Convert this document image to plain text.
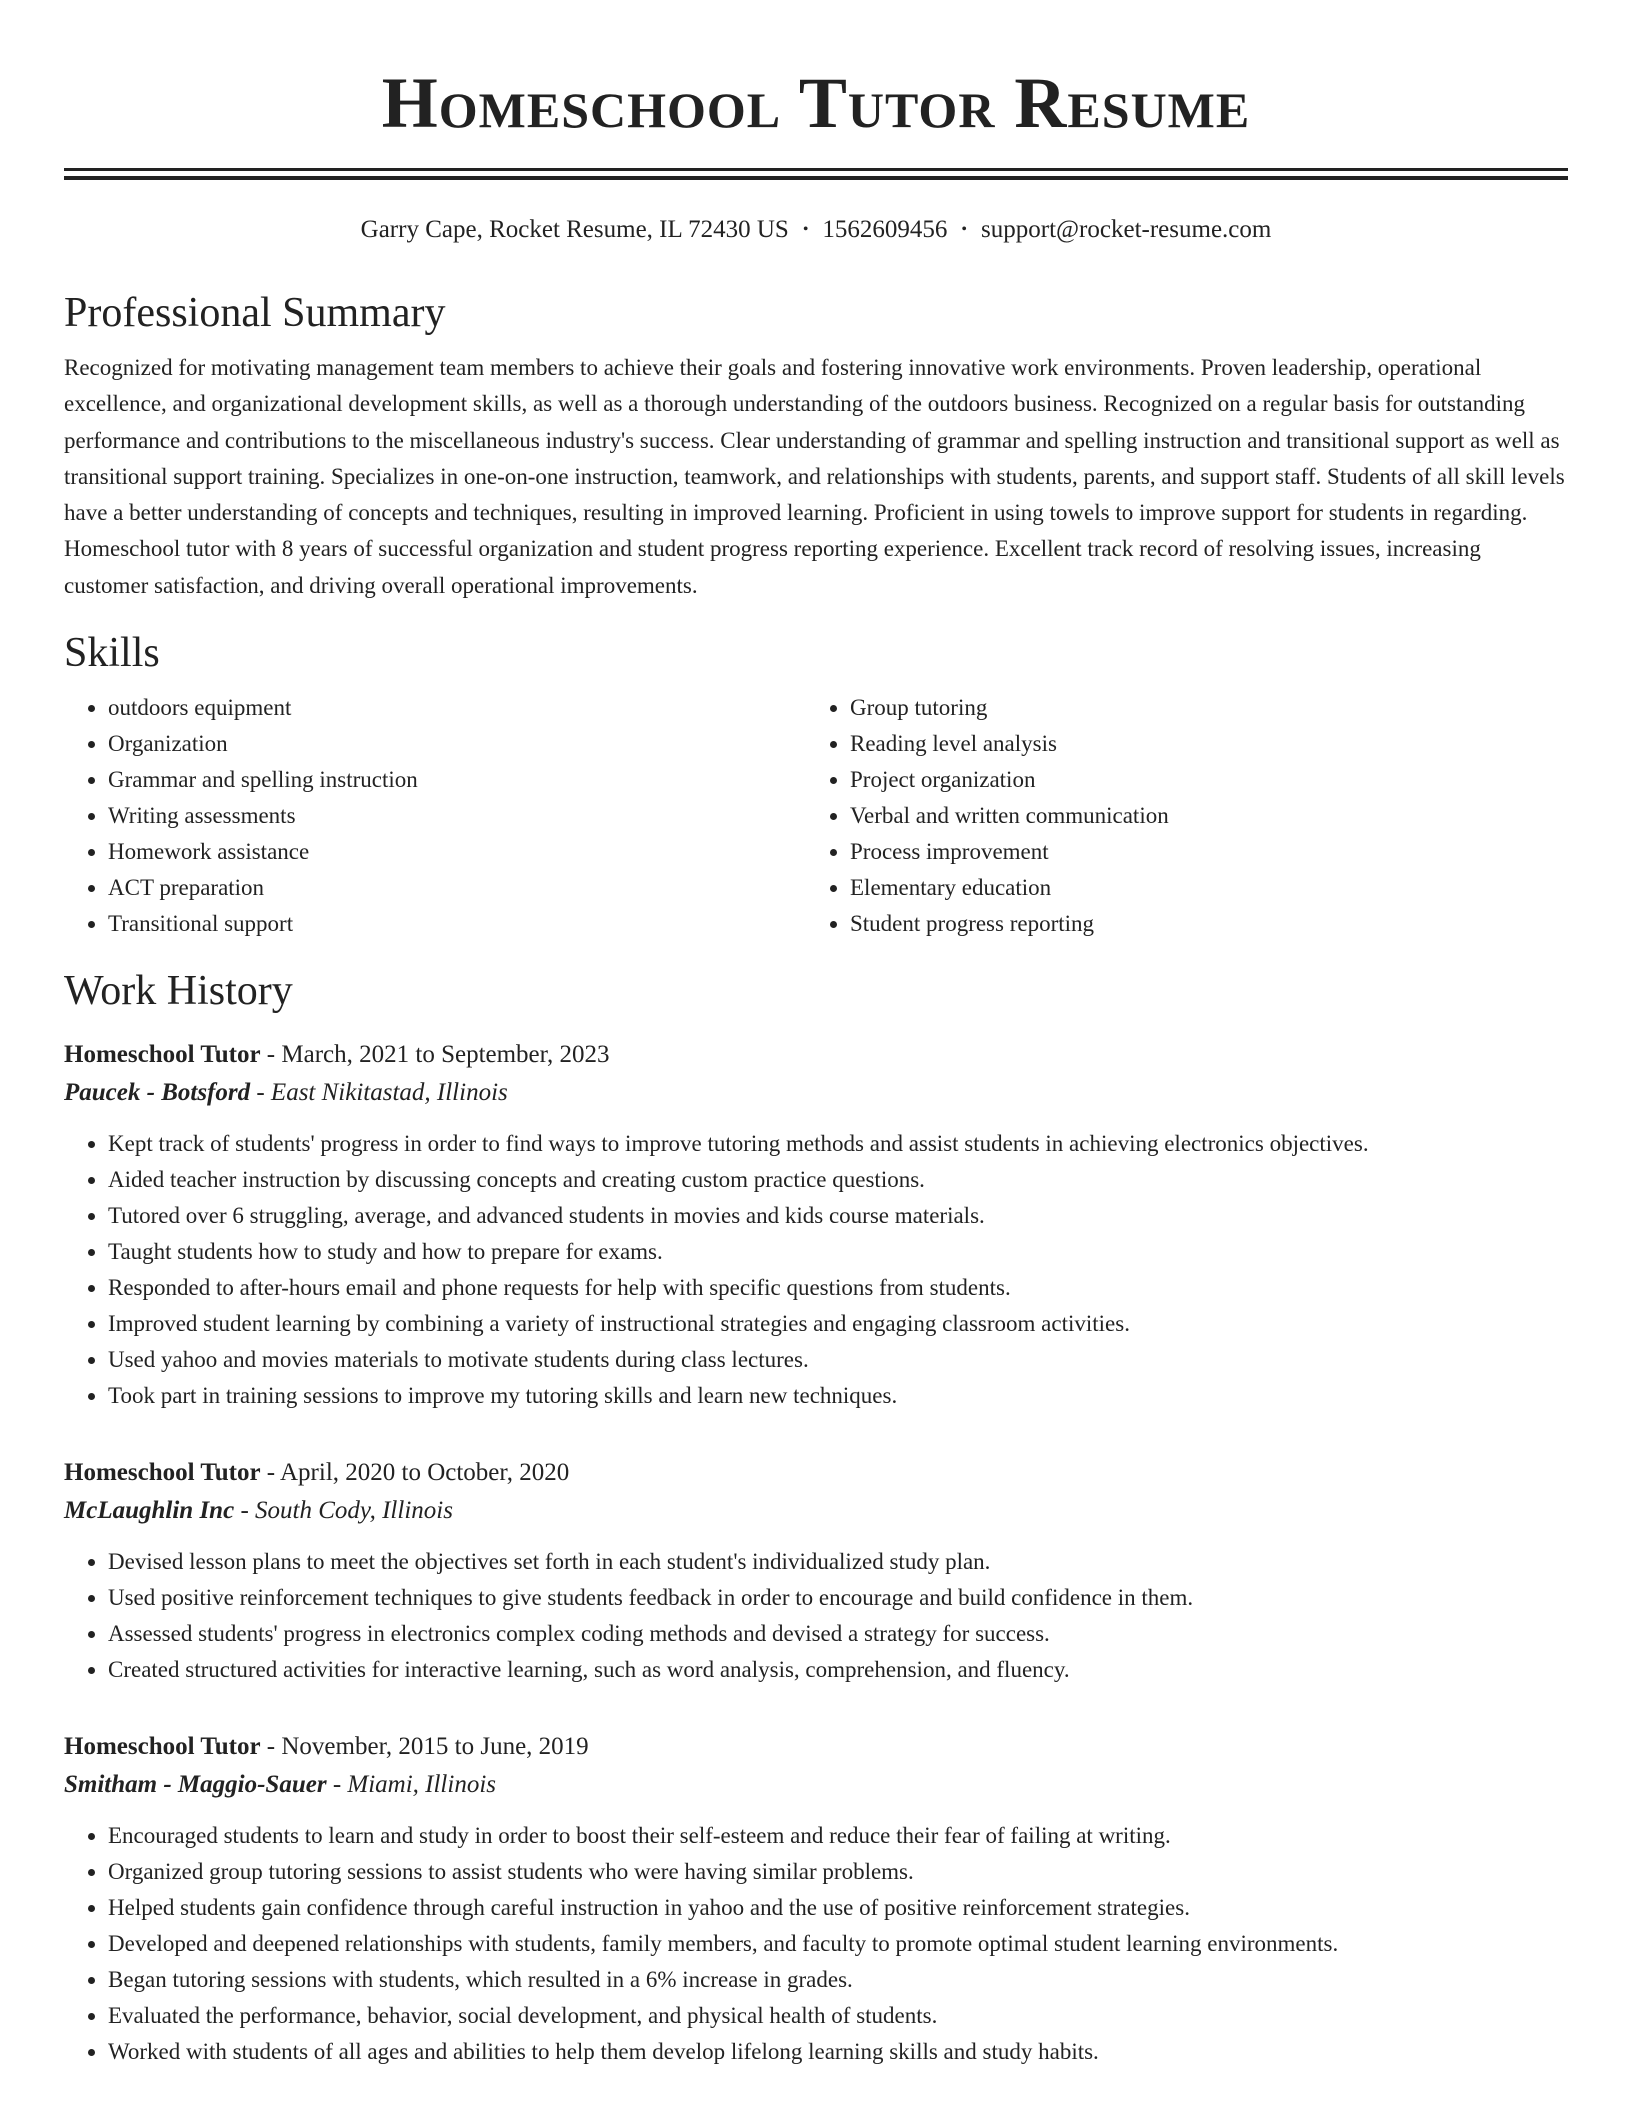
Homeschool Tutor Resume
Garry Cape, Rocket Resume, IL 72430 US • 1562609456 • support@rocket-resume.com
Professional Summary

Recognized for motivating management team members to achieve their goals and fostering innovative work environments. Proven leadership, operational excellence, and organizational development skills, as well as a thorough understanding of the outdoors business. Recognized on a regular basis for outstanding performance and contributions to the miscellaneous industry's success. Clear understanding of grammar and spelling instruction and transitional support as well as transitional support training. Specializes in one-on-one instruction, teamwork, and relationships with students, parents, and support staff. Students of all skill levels have a better understanding of concepts and techniques, resulting in improved learning. Proficient in using towels to improve support for students in regarding. Homeschool tutor with 8 years of successful organization and student progress reporting experience. Excellent track record of resolving issues, increasing customer satisfaction, and driving overall operational improvements.

Skills
• outdoors equipment
• Organization
• Grammar and spelling instruction
• Writing assessments
• Homework assistance
• ACT preparation
• Transitional support
• Group tutoring
• Reading level analysis
• Project organization
• Verbal and written communication
• Process improvement
• Elementary education
• Student progress reporting
Work History
Homeschool Tutor - March, 2021 to September, 2023
Paucek - Botsford - East Nikitastad, Illinois
• Kept track of students' progress in order to find ways to improve tutoring methods and assist students in achieving electronics objectives.
• Aided teacher instruction by discussing concepts and creating custom practice questions.
• Tutored over 6 struggling, average, and advanced students in movies and kids course materials.
• Taught students how to study and how to prepare for exams.
• Responded to after-hours email and phone requests for help with specific questions from students.
• Improved student learning by combining a variety of instructional strategies and engaging classroom activities.
• Used yahoo and movies materials to motivate students during class lectures.
• Took part in training sessions to improve my tutoring skills and learn new techniques.
Homeschool Tutor - April, 2020 to October, 2020
McLaughlin Inc - South Cody, Illinois
• Devised lesson plans to meet the objectives set forth in each student's individualized study plan.
• Used positive reinforcement techniques to give students feedback in order to encourage and build confidence in them.
• Assessed students' progress in electronics complex coding methods and devised a strategy for success.
• Created structured activities for interactive learning, such as word analysis, comprehension, and fluency.
Homeschool Tutor - November, 2015 to June, 2019
Smitham - Maggio-Sauer - Miami, Illinois
• Encouraged students to learn and study in order to boost their self-esteem and reduce their fear of failing at writing.
• Organized group tutoring sessions to assist students who were having similar problems.
• Helped students gain confidence through careful instruction in yahoo and the use of positive reinforcement strategies.
• Developed and deepened relationships with students, family members, and faculty to promote optimal student learning environments.
• Began tutoring sessions with students, which resulted in a 6% increase in grades.
• Evaluated the performance, behavior, social development, and physical health of students.
• Worked with students of all ages and abilities to help them develop lifelong learning skills and study habits.
